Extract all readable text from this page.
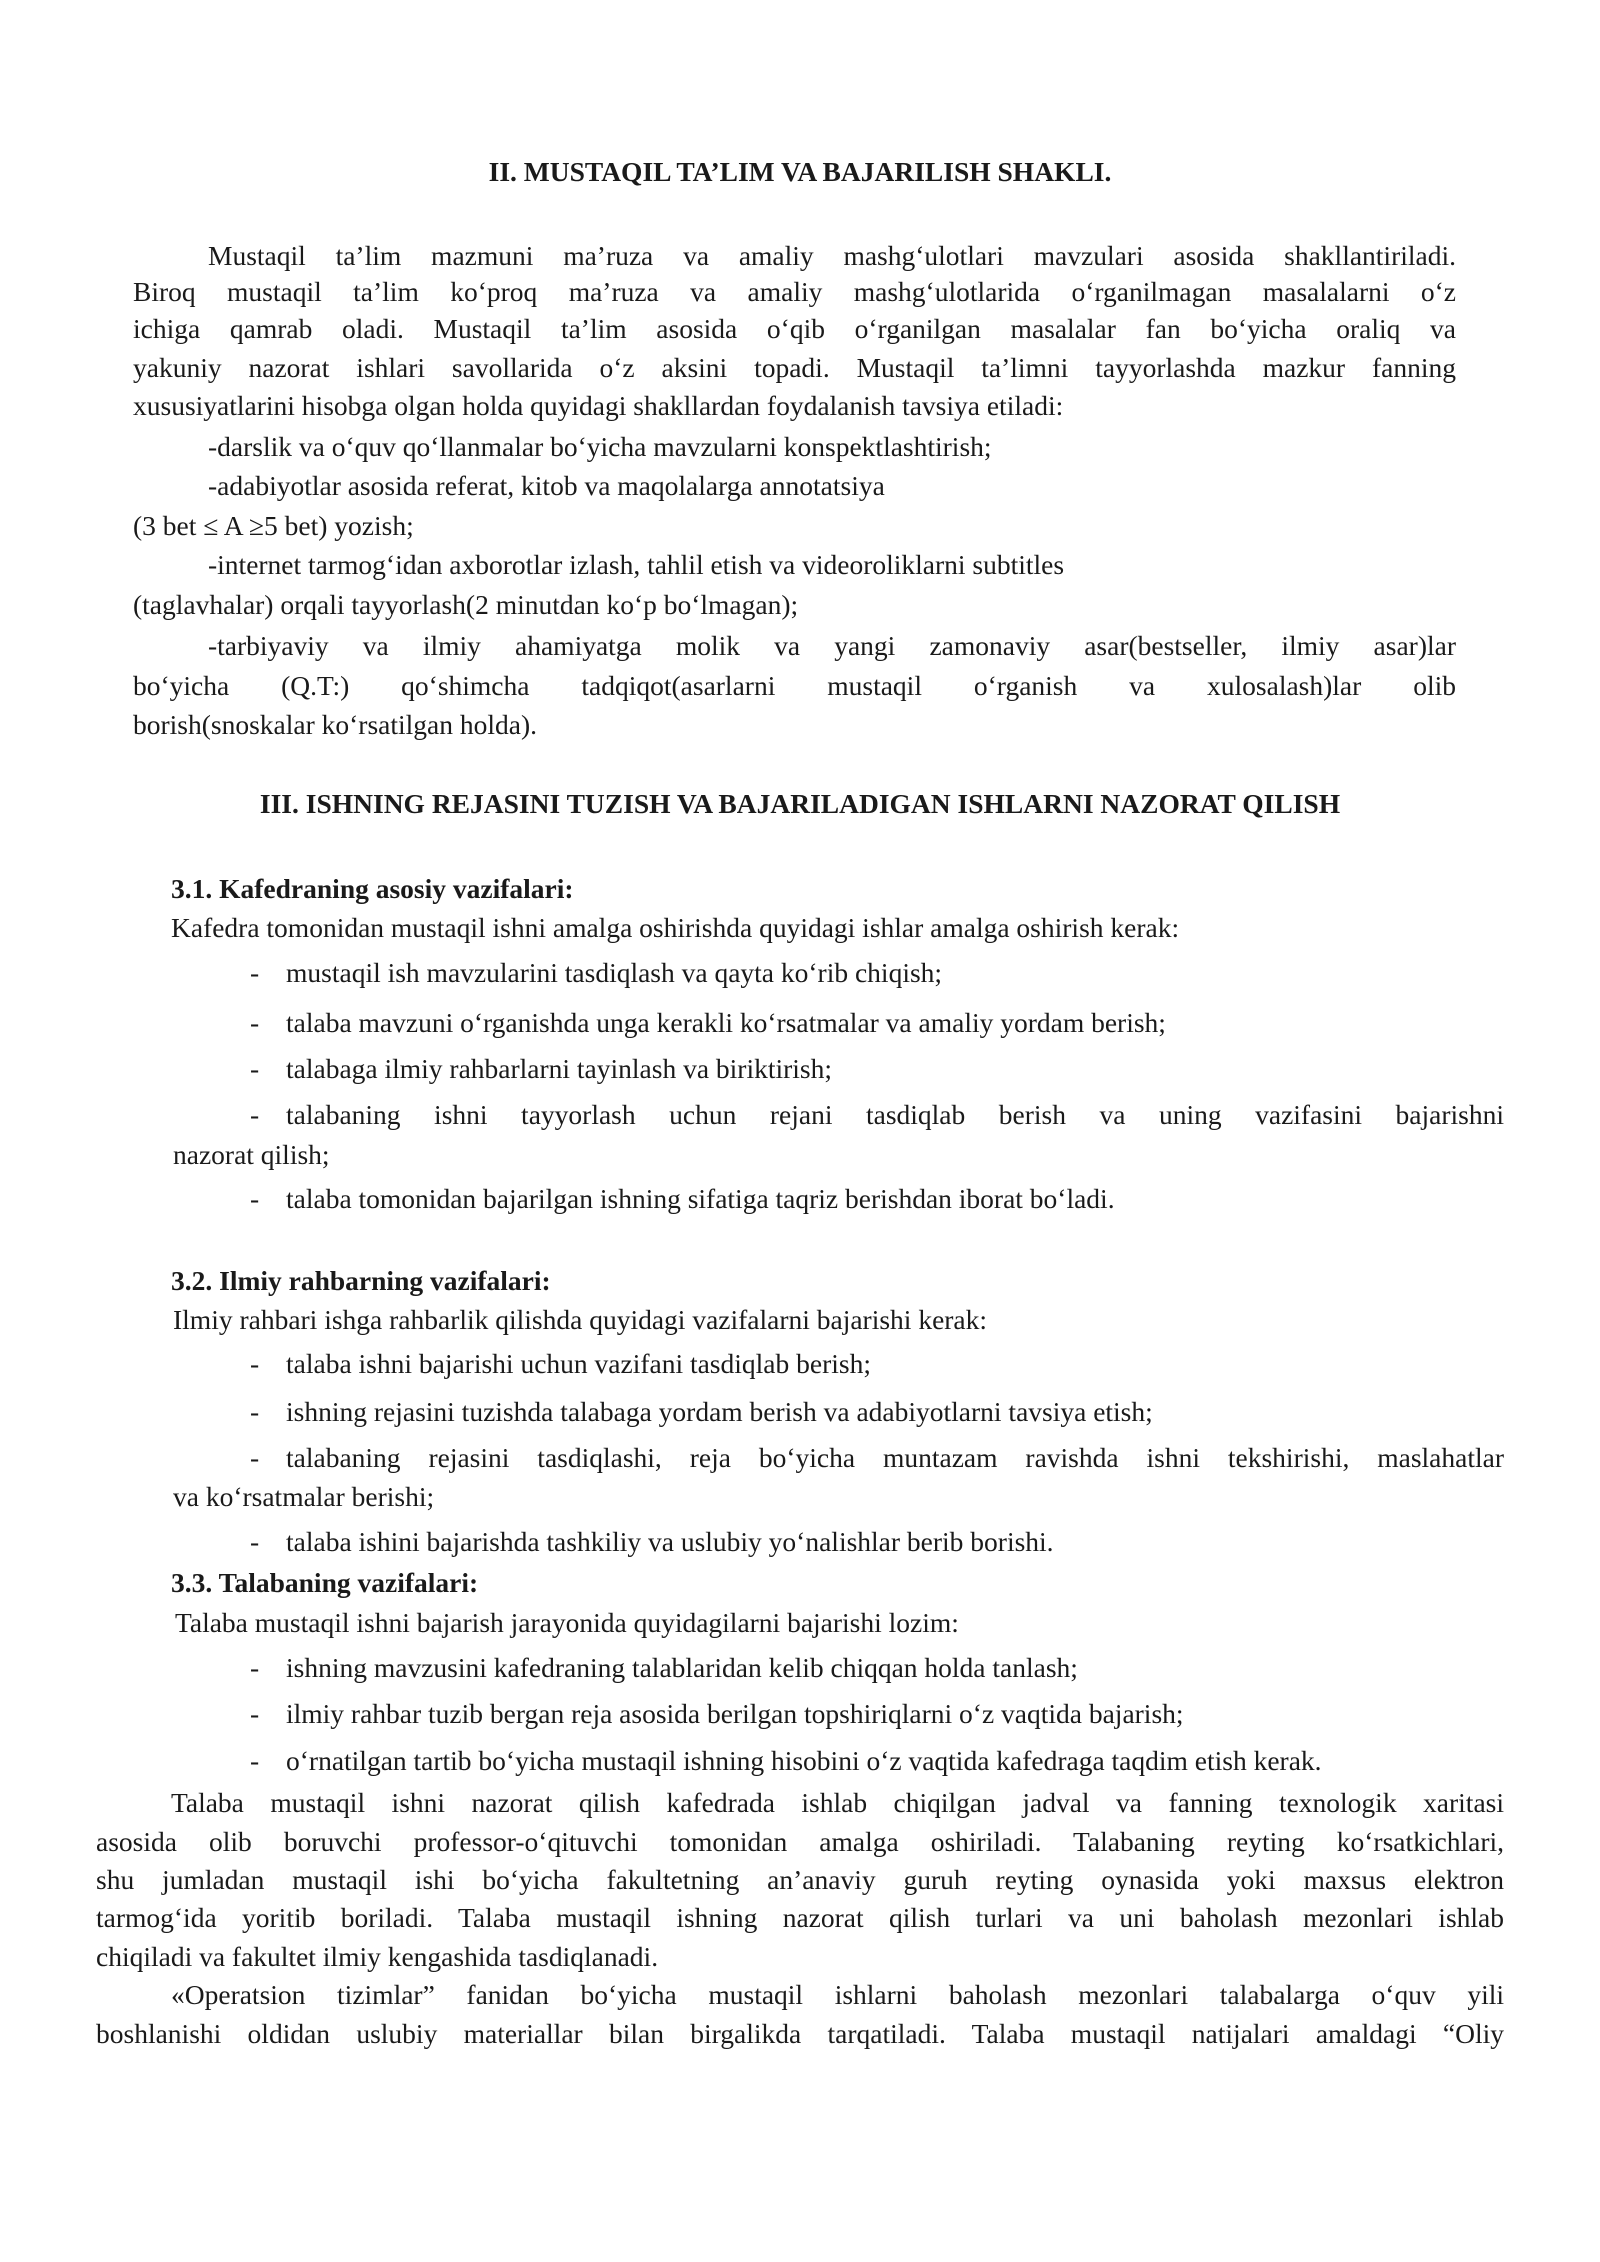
II. MUSTAQIL TA’LIM VA BAJARILISH SHAKLI.
Mustaqil ta’lim mazmuni ma’ruza va amaliy mashg‘ulotlari mavzulari asosida shakllantiriladi.
Biroq mustaqil ta’lim ko‘proq ma’ruza va amaliy mashg‘ulotlarida o‘rganilmagan masalalarni o‘z
ichiga qamrab oladi. Mustaqil ta’lim asosida o‘qib o‘rganilgan masalalar fan bo‘yicha oraliq va
yakuniy nazorat ishlari savollarida o‘z aksini topadi. Mustaqil ta’limni tayyorlashda mazkur fanning
xususiyatlarini hisobga olgan holda quyidagi shakllardan foydalanish tavsiya etiladi:
-darslik va o‘quv qo‘llanmalar bo‘yicha mavzularni konspektlashtirish;
-adabiyotlar asosida referat, kitob va maqolalarga annotatsiya
(3 bet ≤ A ≥5 bet) yozish;
-internet tarmog‘idan axborotlar izlash, tahlil etish va videoroliklarni subtitles
(taglavhalar) orqali tayyorlash(2 minutdan ko‘p bo‘lmagan);
-tarbiyaviy va ilmiy ahamiyatga molik va yangi zamonaviy asar(bestseller, ilmiy asar)lar
bo‘yicha (Q.T:) qo‘shimcha tadqiqot(asarlarni mustaqil o‘rganish va xulosalash)lar olib
borish(snoskalar ko‘rsatilgan holda).
III. ISHNING REJASINI TUZISH VA BAJARILADIGAN ISHLARNI NAZORAT QILISH
3.1. Kafedraning asosiy vazifalari:
Kafedra tomonidan mustaqil ishni amalga oshirishda quyidagi ishlar amalga oshirish kerak:
- mustaqil ish mavzularini tasdiqlash va qayta ko‘rib chiqish;
- talaba mavzuni o‘rganishda unga kerakli ko‘rsatmalar va amaliy yordam berish;
- talabaga ilmiy rahbarlarni tayinlash va biriktirish;
- talabaning ishni tayyorlash uchun rejani tasdiqlab berish va uning vazifasini bajarishni
nazorat qilish;
- talaba tomonidan bajarilgan ishning sifatiga taqriz berishdan iborat bo‘ladi.
3.2. Ilmiy rahbarning vazifalari:
Ilmiy rahbari ishga rahbarlik qilishda quyidagi vazifalarni bajarishi kerak:
- talaba ishni bajarishi uchun vazifani tasdiqlab berish;
- ishning rejasini tuzishda talabaga yordam berish va adabiyotlarni tavsiya etish;
- talabaning rejasini tasdiqlashi, reja bo‘yicha muntazam ravishda ishni tekshirishi, maslahatlar
va ko‘rsatmalar berishi;
- talaba ishini bajarishda tashkiliy va uslubiy yo‘nalishlar berib borishi.
3.3. Talabaning vazifalari:
Talaba mustaqil ishni bajarish jarayonida quyidagilarni bajarishi lozim:
- ishning mavzusini kafedraning talablaridan kelib chiqqan holda tanlash;
- ilmiy rahbar tuzib bergan reja asosida berilgan topshiriqlarni o‘z vaqtida bajarish;
- o‘rnatilgan tartib bo‘yicha mustaqil ishning hisobini o‘z vaqtida kafedraga taqdim etish kerak.
Talaba mustaqil ishni nazorat qilish kafedrada ishlab chiqilgan jadval va fanning texnologik xaritasi
asosida olib boruvchi professor-o‘qituvchi tomonidan amalga oshiriladi. Talabaning reyting ko‘rsatkichlari,
shu jumladan mustaqil ishi bo‘yicha fakultetning an’anaviy guruh reyting oynasida yoki maxsus elektron
tarmog‘ida yoritib boriladi. Talaba mustaqil ishning nazorat qilish turlari va uni baholash mezonlari ishlab
chiqiladi va fakultet ilmiy kengashida tasdiqlanadi.
«Operatsion tizimlar” fanidan bo‘yicha mustaqil ishlarni baholash mezonlari talabalarga o‘quv yili
boshlanishi oldidan uslubiy materiallar bilan birgalikda tarqatiladi. Talaba mustaqil natijalari amaldagi “Oliy
